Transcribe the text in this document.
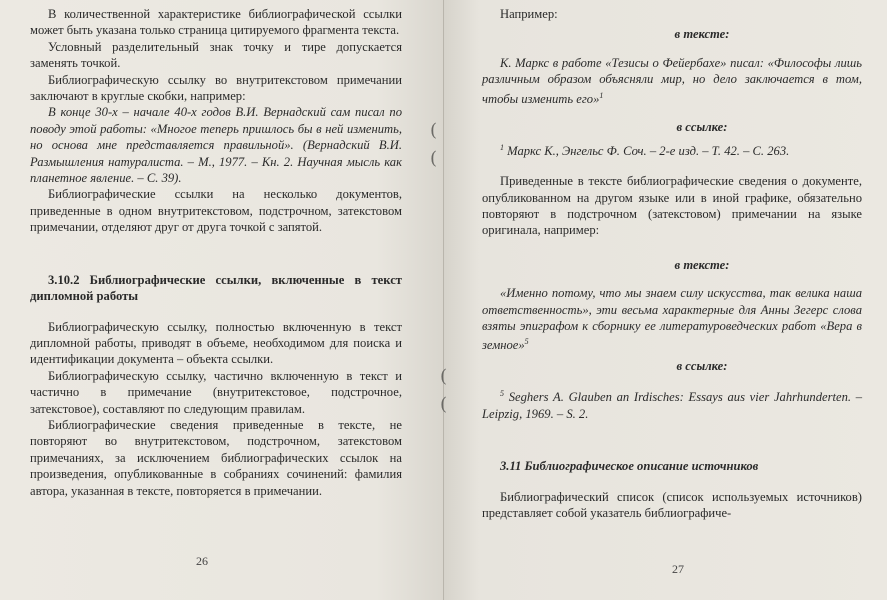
В количественной характеристике библиографической ссылки может быть указана только страница цитируемого фрагмента текста.

Условный разделительный знак точку и тире допускается заменять точкой.

Библиографическую ссылку во внутритекстовом примечании заключают в круглые скобки, например:

В конце 30-х – начале 40-х годов В.И. Вернадский сам писал по поводу этой работы: «Многое теперь пришлось бы в ней изменить, но основа мне представляется правильной». (Вернадский В.И. Размышления натуралиста. – М., 1977. – Кн. 2. Научная мысль как планетное явление. – С. 39).

Библиографические ссылки на несколько документов, приведенные в одном внутритекстовом, подстрочном, затекстовом примечании, отделяют друг от друга точкой с запятой.

3.10.2 Библиографические ссылки, включенные в текст дипломной работы

Библиографическую ссылку, полностью включенную в текст дипломной работы, приводят в объеме, необходимом для поиска и идентификации документа – объекта ссылки.

Библиографическую ссылку, частично включенную в текст и частично в примечание (внутритекстовое, подстрочное, затекстовое), составляют по следующим правилам.

Библиографические сведения приведенные в тексте, не повторяют во внутритекстовом, подстрочном, затекстовом примечаниях, за исключением библиографических ссылок на произведения, опубликованные в собраниях сочинений: фамилия автора, указанная в тексте, повторяется в примечании.

26
(
(
(
(

Например:

в тексте:

К. Маркс в работе «Тезисы о Фейербахе» писал: «Философы лишь различным образом объясняли мир, но дело заключается в том, чтобы изменить его»$^1$

в ссылке:

$^1$ Маркс К., Энгельс Ф. Соч. – 2-е изд. – Т. 42. – С. 263.

Приведенные в тексте библиографические сведения о документе, опубликованном на другом языке или в иной графике, обязательно повторяют в подстрочном (затекстовом) примечании на языке оригинала, например:

в тексте:

«Именно потому, что мы знаем силу искусства, так велика наша ответственность», эти весьма характерные для Анны Зегерс слова взяты эпиграфом к сборнику ее литературоведческих работ «Вера в земное»$^5$

в ссылке:

$^5$ Seghers A. Glauben an Irdisches: Essays aus vier Jahrhunderten. – Leipzig, 1969. – S. 2.

3.11 Библиографическое описание источников

Библиографический список (список используемых источников) представляет собой указатель библиографиче-

27
